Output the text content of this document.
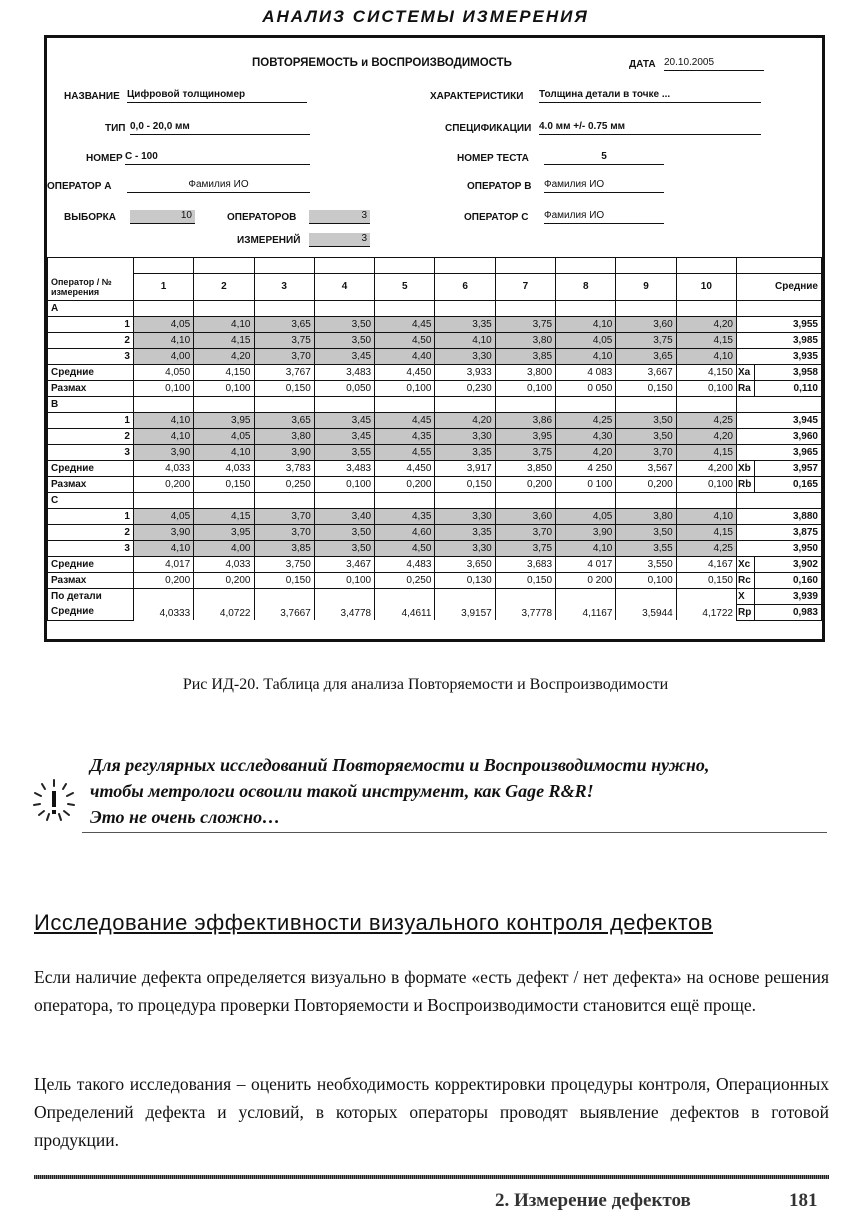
АНАЛИЗ СИСТЕМЫ ИЗМЕРЕНИЯ
ПОВТОРЯЕМОСТЬ и ВОСПРОИЗВОДИМОСТЬ	ДАТА 20.10.2005
НАЗВАНИЕ Цифровой толщиномер	ХАРАКТЕРИСТИКИ Толщина детали в точке ...
ТИП 0,0 - 20,0 мм	СПЕЦИФИКАЦИИ 4.0 мм +/- 0.75 мм
НОМЕР С - 100	НОМЕР ТЕСТА	5
ОПЕРАТОР А	Фамилия ИО	ОПЕРАТОР В Фамилия ИО
ВЫБОРКА	10	ОПЕРАТОРОВ	3	ОПЕРАТОР С Фамилия ИО
ИЗМЕРЕНИЙ	3

Оператор / № измерения	1	2	3	4	5	6	7	8	9	10		Средние
A												
1	4,05	4,10	3,65	3,50	4,45	3,35	3,75	4,10	3,60	4,20		3,955
2	4,10	4,15	3,75	3,50	4,50	4,10	3,80	4,05	3,75	4,15		3,985
3	4,00	4,20	3,70	3,45	4,40	3,30	3,85	4,10	3,65	4,10		3,935
Средние	4,050	4,150	3,767	3,483	4,450	3,933	3,800	4 083	3,667	4,150	Xa	3,958
Размах	0,100	0,100	0,150	0,050	0,100	0,230	0,100	0 050	0,150	0,100	Ra	0,110
B												
1	4,10	3,95	3,65	3,45	4,45	4,20	3,86	4,25	3,50	4,25		3,945
2	4,10	4,05	3,80	3,45	4,35	3,30	3,95	4,30	3,50	4,20		3,960
3	3,90	4,10	3,90	3,55	4,55	3,35	3,75	4,20	3,70	4,15		3,965
Средние	4,033	4,033	3,783	3,483	4,450	3,917	3,850	4 250	3,567	4,200	Xb	3,957
Размах	0,200	0,150	0,250	0,100	0,200	0,150	0,200	0 100	0,200	0,100	Rb	0,165
C												
1	4,05	4,15	3,70	3,40	4,35	3,30	3,60	4,05	3,80	4,10		3,880
2	3,90	3,95	3,70	3,50	4,60	3,35	3,70	3,90	3,50	4,15		3,875
3	4,10	4,00	3,85	3,50	4,50	3,30	3,75	4,10	3,55	4,25		3,950
Средние	4,017	4,033	3,750	3,467	4,483	3,650	3,683	4 017	3,550	4,167	Xc	3,902
Размах	0,200	0,200	0,150	0,100	0,250	0,130	0,150	0 200	0,100	0,150	Rc	0,160
По детали	4,0333	4,0722	3,7667	3,4778	4,4611	3,9157	3,7778	4,1167	3,5944	4,1722	X	3,939
Средние											Rp	0,983
Рис ИД-20. Таблица для анализа Повторяемости и Воспроизводимости
Для регулярных исследований Повторяемости и Воспроизводимости нужно,
чтобы метрологи освоили такой инструмент, как Gage R&R!
Это не очень сложно…
Исследование эффективности визуального контроля дефектов
Если наличие дефекта определяется визуально в формате «есть дефект / нет дефекта» на основе решения оператора, то процедура проверки Повторяемости и Воспроизводимости становится ещё проще.
Цель такого исследования – оценить необходимость корректировки процедуры контроля, Операционных Определений дефекта и условий, в которых операторы проводят выявление дефектов в готовой продукции.
2. Измерение дефектов	181
